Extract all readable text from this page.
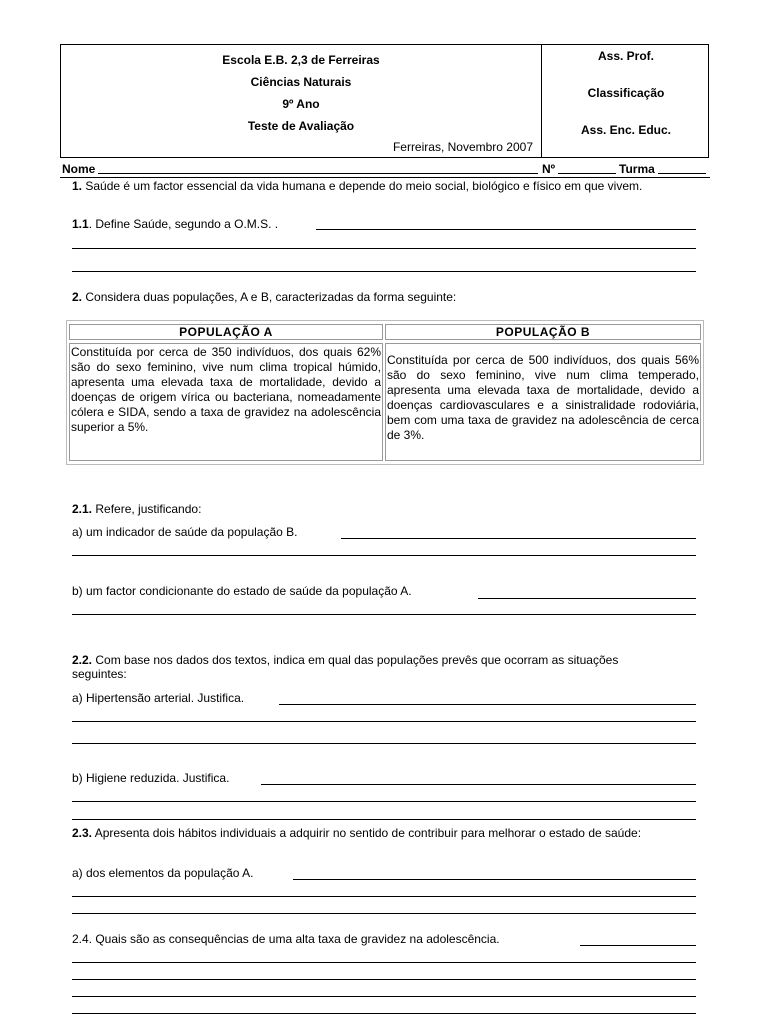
Escola E.B. 2,3 de Ferreiras
Ciências Naturais
9º Ano
Teste de Avaliação
Ferreiras, Novembro 2007
Ass. Prof.
Classificação
Ass. Enc. Educ.
Nome	Nº	Turma
1. Saúde é um factor essencial da vida humana e depende do meio social, biológico e físico em que vivem.
1.1. Define Saúde, segundo a O.M.S. .
2. Considera duas populações, A e B, caracterizadas da forma seguinte:
POPULAÇÃO A	POPULAÇÃO B
Constituída por cerca de 350 indivíduos, dos quais 62% são do sexo feminino, vive num clima tropical húmido, apresenta uma elevada taxa de mortalidade, devido a doenças de origem vírica ou bacteriana, nomeadamente cólera e SIDA, sendo a taxa de gravidez na adolescência superior a 5%.
Constituída por cerca de 500 indivíduos, dos quais 56% são do sexo feminino, vive num clima temperado, apresenta uma elevada taxa de mortalidade, devido a doenças cardiovasculares e a sinistralidade rodoviária, bem com uma taxa de gravidez na adolescência de cerca de 3%.
2.1. Refere, justificando:
a) um indicador de saúde da população B.
b) um factor condicionante do estado de saúde da população A.
2.2. Com base nos dados dos textos, indica em qual das populações prevês que ocorram as situações seguintes:
a) Hipertensão arterial. Justifica.
b) Higiene reduzida. Justifica.
2.3. Apresenta dois hábitos individuais a adquirir no sentido de contribuir para melhorar o estado de saúde:
a) dos elementos da população A.
2.4. Quais são as consequências de uma alta taxa de gravidez na adolescência.
